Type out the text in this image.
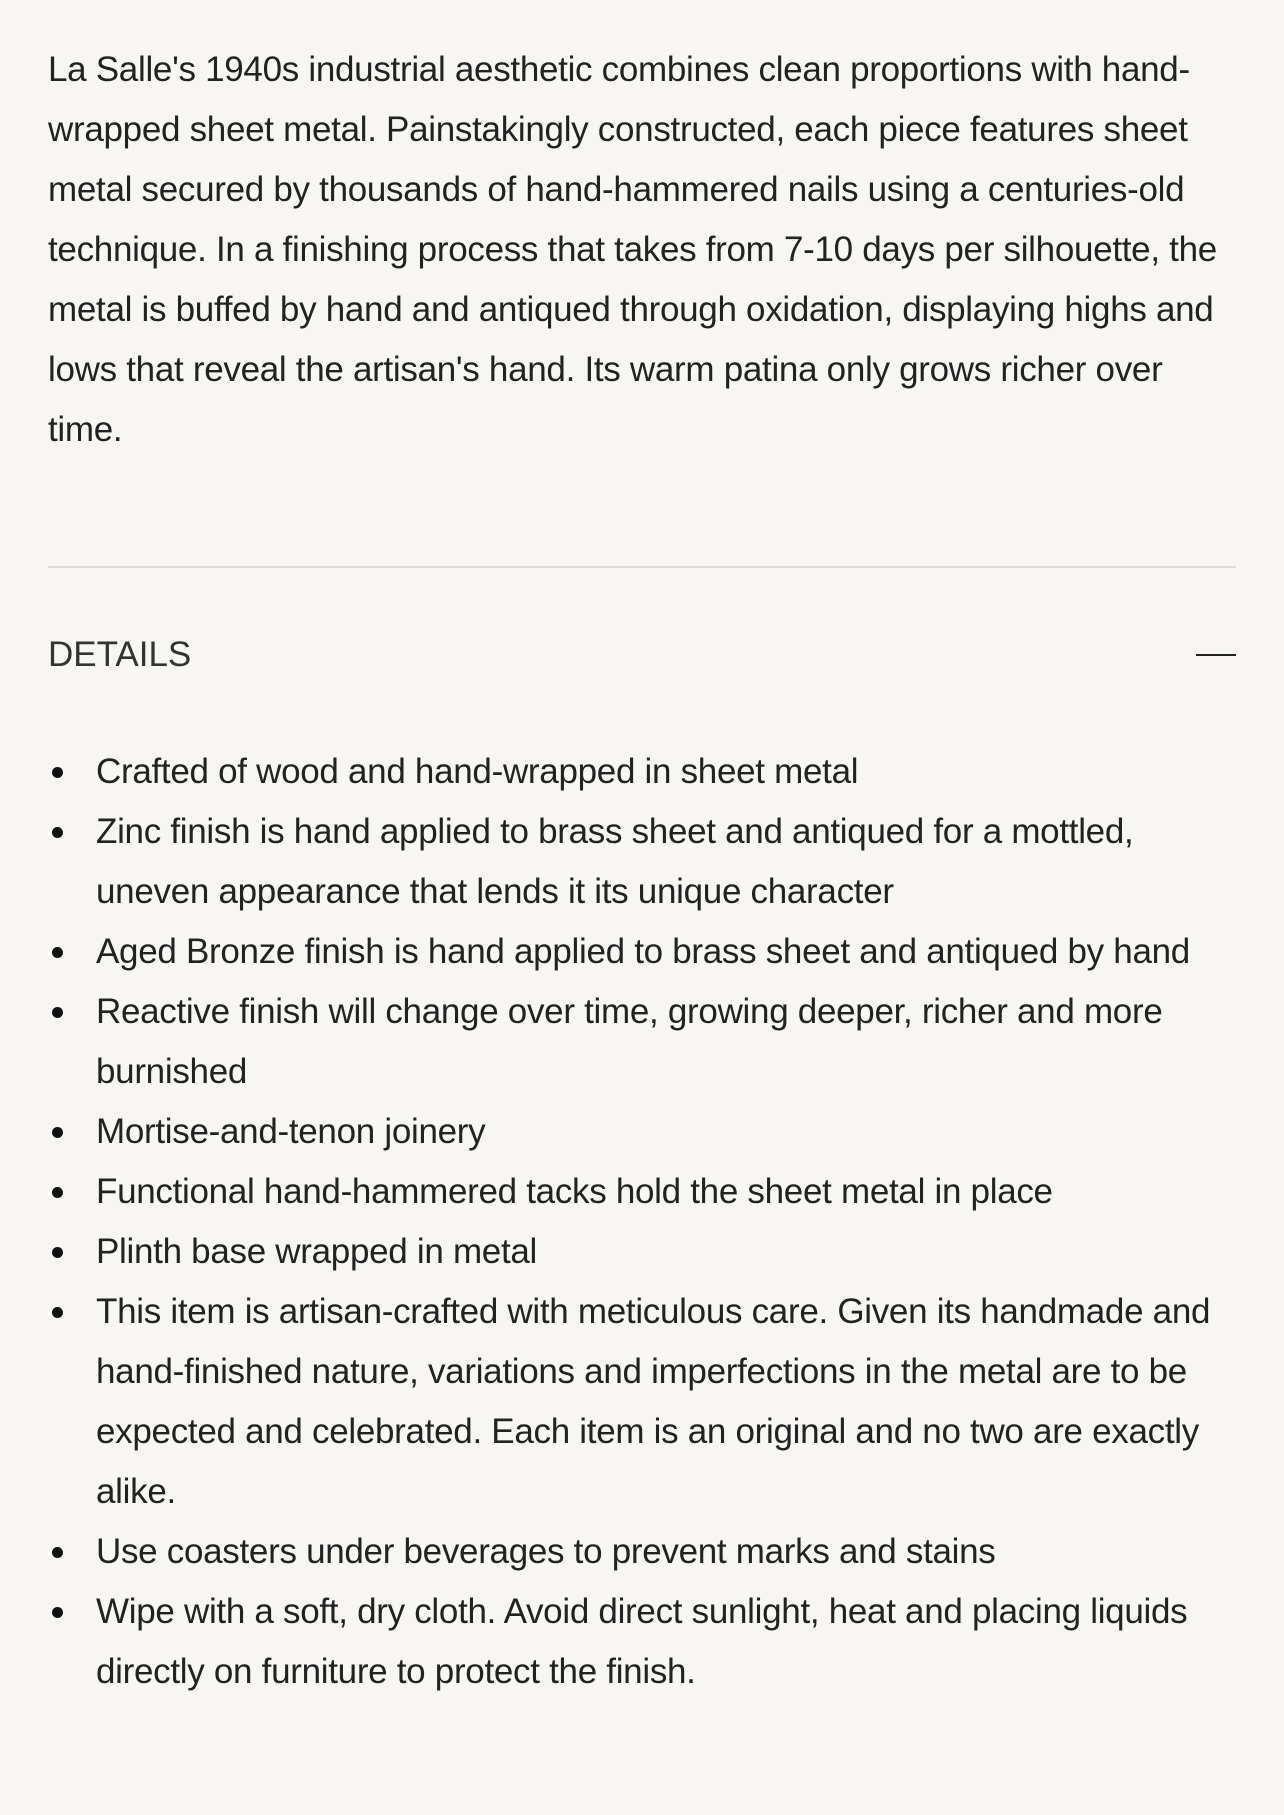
La Salle's 1940s industrial aesthetic combines clean proportions with hand-wrapped sheet metal. Painstakingly constructed, each piece features sheet metal secured by thousands of hand-hammered nails using a centuries-old technique. In a finishing process that takes from 7-10 days per silhouette, the metal is buffed by hand and antiqued through oxidation, displaying highs and lows that reveal the artisan's hand. Its warm patina only grows richer over time.

DETAILS
Crafted of wood and hand-wrapped in sheet metal
Zinc finish is hand applied to brass sheet and antiqued for a mottled, uneven appearance that lends it its unique character
Aged Bronze finish is hand applied to brass sheet and antiqued by hand
Reactive finish will change over time, growing deeper, richer and more burnished
Mortise-and-tenon joinery
Functional hand-hammered tacks hold the sheet metal in place
Plinth base wrapped in metal
This item is artisan-crafted with meticulous care. Given its handmade and hand-finished nature, variations and imperfections in the metal are to be expected and celebrated. Each item is an original and no two are exactly alike.
Use coasters under beverages to prevent marks and stains
Wipe with a soft, dry cloth. Avoid direct sunlight, heat and placing liquids directly on furniture to protect the finish.
